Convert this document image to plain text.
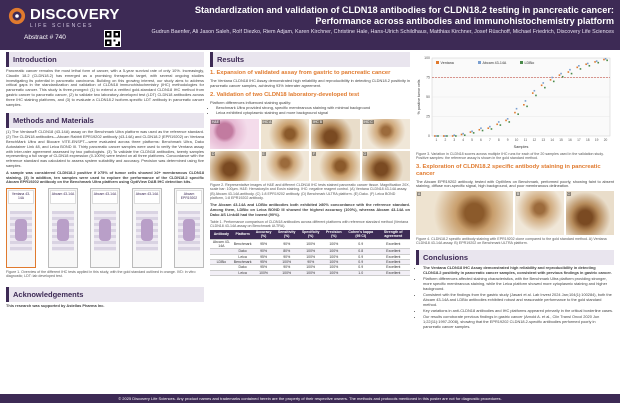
DISCOVERY
LIFE SCIENCES
Abstract # 740
Standardization and validation of CLDN18 antibodies for CLDN18.2 testing in pancreatic cancer: Performance across antibodies and immunohistochemistry platform
Gudrun Baenfer, Ali Jason Saleh, Rolf Diezko, Riem Adjam, Karen Kirchner, Christine Hale, Hans-Ulrich Schildhaus, Matthias Kirchner, Josef Rüschoff, Michael Friedrich, Discovery Life Sciences
Introduction

Pancreatic cancer remains the most lethal form of cancer, with a 5-year survival rate of only 10%. Increasingly, Claudin 18.2 (CLDN18.2) has emerged as a promising therapeutic target, with several ongoing studies investigating its potential in pancreatic carcinoma. Building on this growing interest, our study aims to address critical gaps in the standardization and validation of CLDN18 immunohistochemistry (IHC) methodologies for pancreatic cancer. This study is three-pronged: (1) to extend a verified gold-standard CLDN18 IHC method from gastric cancer to pancreatic cancer, (2) to validate two laboratory-developed test (LDT) CLDN18 antibodies across three IHC staining platforms, and (3) to evaluate a CLDN18.2 isoform-specific LDT antibody in pancreatic cancer samples.

Methods and Materials

(1) The Ventana® CLDN18 (43-14A) assay on the Benchmark Ultra platform was used as the reference standard. (2) The CLDN18 antibodies—Abcam Rabbit EPR19202 antibody (43-14A) and CLDN18.2 (EPR19202) on Ventana BenchMark Ultra and Biocare VITE-ENSPT—were evaluated across three platforms: Benchmark Ultra, Dako Autostainer Link 48, and Leica BOND III. Thirty pancreatic cancer samples were used to verify the Ventana assay with inter-rater agreement assessed by two pathologists. (3) To validate the CLDN18 antibodies, twenty samples representing a full range of CLDN18 expression (0-100%) were tested on all three platforms. Concordance with the reference standard was calculated to assess system suitability and accuracy. Precision was determined using five samples.

A sample was considered CLDN18.2 positive if ≥75% of tumor cells showed ≥2+ membranous CLDN18 staining. (3) In addition, ten samples were used to explore the performance of the CLDN18.2 specific Abcam EPR19202 antibody on the Benchmark Ultra platform using OptiView DAB IHC detection kits.

Ventana 43-14A
Abcam 43-14A	Abcam 43-14A	Abcam 43-14A	Abcam EPR19202
Figure 1. Overview of the different IHC tests applied in this study, with the gold standard outlined in orange. IVD: in vitro diagnostic; LDT: lab developed test.
Acknowledgements

This research was supported by Astellas Pharma Inc.

Results
1. Expansion of validated assay from gastric to pancreatic cancer

The Ventana CLDN18 IHC Assay demonstrated high reliability and reproducibility in detecting CLDN18.2 positivity in pancreatic cancer samples, achieving 93% interrater agreement.

2. Validation of two CLDN18 laboratory-developed test

Platform differences influenced staining quality:

• Benchmark Ultra provided strong, specific membranous staining with minimal background
• Leica exhibited cytoplasmic staining and more background signal
H&E	IHC A	IHC B	IHC C
D	E	F	G
Figure 2. Representative images of H&E and different CLDN18 IHC tests stained pancreatic cancer tissue. Magnification 20X, scale bar: 100µm. H&E: Hematoxylin and Eosin staining. IHC: negative reagent control. (A) Ventana CLDN18 43-14A assay. (B) Abcam 43-14A antibody. (C) 1:8 EPR19202 antibody. (D) Benchmark ULTRA platform. (E) Dako. (F) Leica BOND platform, 1:8 EPR19202 antibody.

The Abcam 43-14A and LDBio antibodies both exhibited ≥80% concordance with the reference standard. Among them, LDBio on Leica BOND III showed the highest accuracy (100%), whereas Abcam 43-14A on Dako AS Link48 had the lowest (90%).

Table 1. Performance comparison of CLDN18 antibodies across different platforms with reference standard method (Ventana CLDN18 43-14A assay on Benchmark ULTRA).
Antibody	Platform	Accuracy (%)	Sensitivity (%)	Specificity (%)	Precision (%)	Cohen's kappa (95 CI)	Strength of agreement
Abcam 43-14A	Benchmark	95%	90%	100%	100%	0.9	Excellent
	Dako	90%	80%	100%	100%	0.8	Excellent
	Leica	95%	90%	100%	100%	0.9	Excellent
LDBio	Benchmark	95%	100%	90%	100%	0.9	Excellent
	Dako	95%	90%	100%	100%	0.9	Excellent
	Leica	100%	100%	100%	100%	1.0	Excellent
0
25
50
75
100
1 2 3 4 5 6 7 8 9 10 11 12 13 14 15 16 17 18 19 20
Samples
% positive tumor cells
Ventana	Abcam 43-14A	LDBio
Figure 3. Variation in CLDN18 scores across multiple IHC runs for each of the 20 samples used in the validation study. Positive samples: the reference assay is shown in the gold standard method.
3. Exploration of CLDN18.2 specific antibody staining in pancreatic cancer

The Abcam EPR19202 antibody, tested with OptiView on Benchmark, performed poorly, showing faint to absent staining, diffuse non-specific signal, high background, and poor membranous delineation.

A	B	C
Figure 4. CLDN18.2 specific antibody staining with EPR19202 clone compared to the gold standard method. A) Ventana CLDN18 43-14A assay. B) EPR19202 on Benchmark ULTRA platform.
Conclusions
• The Ventana CLDN18 IHC Assay demonstrated high reliability and reproducibility in detecting CLDN18.2 positivity in pancreatic cancer samples, consistent with previous findings in gastric cancer.
• Platform differences affected staining characteristics, with the Benchmark Ultra platform providing stronger, more specific membranous staining, while the Leica platform showed more cytoplasmic staining and higher background.
• Consistent with the findings from the gastric study (Jasani et al. Lab Invest 2024 Jan;104(1):100284), both the Abcam 43-14A and LDBio antibodies exhibited robust and reasonable performance to the gold standard method.
• Key variations in anti-CLDN18 antibodies and IHC platforms appeared primarily in the critical borderline cases.
• Our results corroborate previous findings in gastric cancer (Arnold A. et al., Clin Transl Oncol 2020 Jun 1;22(11):1997-2008), showing that the EPR19202 CLDN18.2-specific antibodies performed poorly in pancreatic cancer samples.
© 2025 Discovery Life Sciences. Any product names and trademarks contained herein are the property of their respective owners. The methods and protocols mentioned in this poster are not for diagnostic procedures.
